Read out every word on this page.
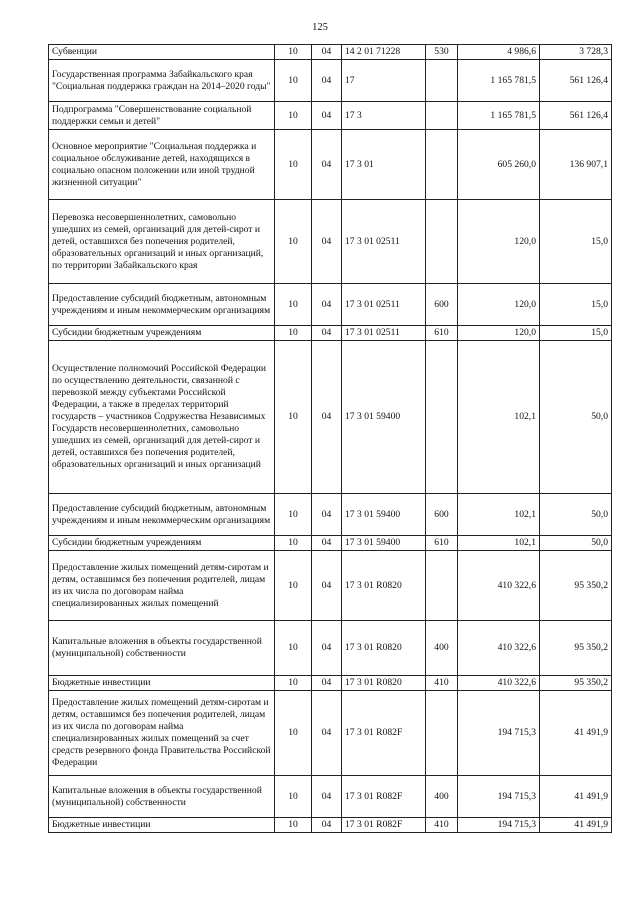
125
Субвенции	10	04	14 2 01 71228	530	4 986,6	3 728,3
Государственная программа Забайкальского края "Социальная поддержка граждан на 2014–2020 годы"	10	04	17		1 165 781,5	561 126,4
Подпрограмма "Совершенствование социальной поддержки семьи и детей"	10	04	17 3		1 165 781,5	561 126,4
Основное мероприятие "Социальная поддержка и социальное обслуживание детей, находящихся в социально опасном положении или иной трудной жизненной ситуации"	10	04	17 3 01		605 260,0	136 907,1
Перевозка несовершеннолетних, самовольно ушедших из семей, организаций для детей-сирот и детей, оставшихся без попечения родителей, образовательных организаций и иных организаций, по территории Забайкальского края	10	04	17 3 01 02511		120,0	15,0
Предоставление субсидий бюджетным, автономным учреждениям и иным некоммерческим организациям	10	04	17 3 01 02511	600	120,0	15,0
Субсидии бюджетным учреждениям	10	04	17 3 01 02511	610	120,0	15,0
Осуществление полномочий Российской Федерации по осуществлению деятельности, связанной с перевозкой между субъектами Российской Федерации, а также в пределах территорий государств – участников Содружества Независимых Государств несовершеннолетних, самовольно ушедших из семей, организаций для детей-сирот и детей, оставшихся без попечения родителей, образовательных организаций и иных организаций	10	04	17 3 01 59400		102,1	50,0
Предоставление субсидий бюджетным, автономным учреждениям и иным некоммерческим организациям	10	04	17 3 01 59400	600	102,1	50,0
Субсидии бюджетным учреждениям	10	04	17 3 01 59400	610	102,1	50,0
Предоставление жилых помещений детям-сиротам и детям, оставшимся без попечения родителей, лицам из их числа по договорам найма специализированных жилых помещений	10	04	17 3 01 R0820		410 322,6	95 350,2
Капитальные вложения в объекты государственной (муниципальной) собственности	10	04	17 3 01 R0820	400	410 322,6	95 350,2
Бюджетные инвестиции	10	04	17 3 01 R0820	410	410 322,6	95 350,2
Предоставление жилых помещений детям-сиротам и детям, оставшимся без попечения родителей, лицам из их числа по договорам найма специализированных жилых помещений за счет средств резервного фонда Правительства Российской Федерации	10	04	17 3 01 R082F		194 715,3	41 491,9
Капитальные вложения в объекты государственной (муниципальной) собственности	10	04	17 3 01 R082F	400	194 715,3	41 491,9
Бюджетные инвестиции	10	04	17 3 01 R082F	410	194 715,3	41 491,9
